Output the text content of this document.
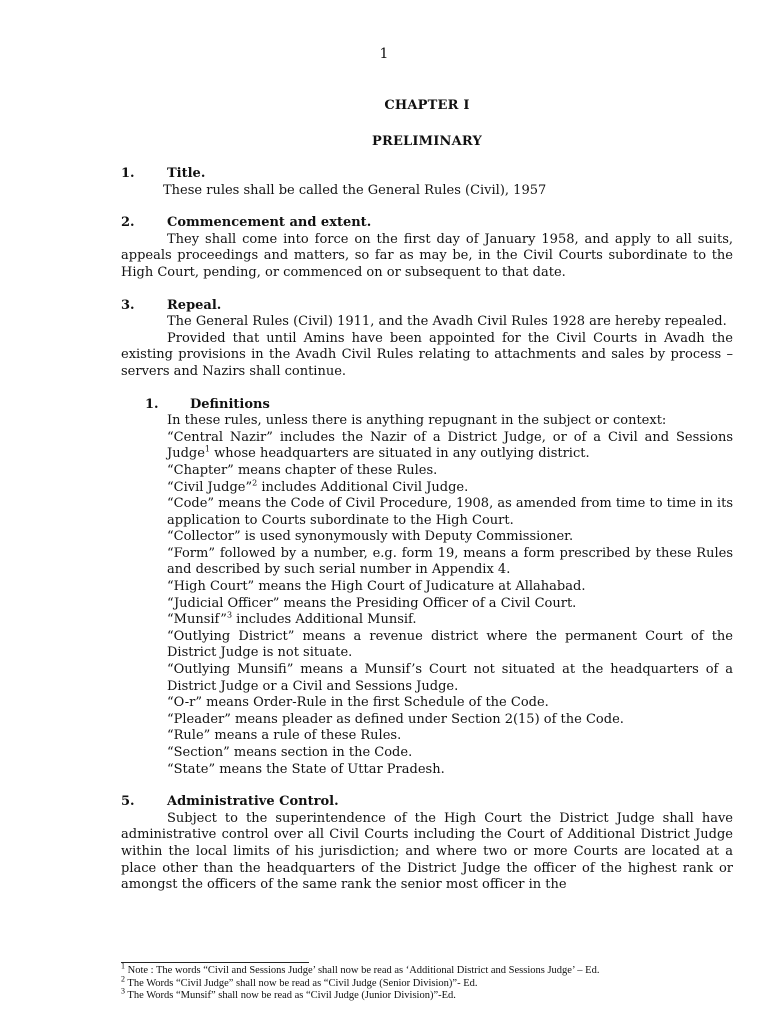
1
CHAPTER I
PRELIMINARY
1.	Title.

These rules shall be called the General Rules (Civil), 1957

2.	Commencement and extent.

They shall come into force on the first day of January 1958, and apply to all suits, appeals proceedings and matters, so far as may be, in the Civil Courts subordinate to the High Court, pending, or commenced on or subsequent to that date.

3.	Repeal.

The General Rules (Civil) 1911, and the Avadh Civil Rules 1928 are hereby repealed.

Provided that until Amins have been appointed for the Civil Courts in Avadh the existing provisions in the Avadh Civil Rules relating to attachments and sales by process –servers and Nazirs shall continue.

1.	Definitions

In these rules, unless there is anything repugnant in the subject or context:

“Central Nazir” includes the Nazir of a District Judge, or of a Civil and Sessions Judge$^1$ whose headquarters are situated in any outlying district.

“Chapter” means chapter of these Rules.

“Civil Judge”$^2$ includes Additional Civil Judge.

“Code” means the Code of Civil Procedure, 1908, as amended from time to time in its application to Courts subordinate to the High Court.

“Collector” is used synonymously with Deputy Commissioner.

“Form” followed by a number, e.g. form 19, means a form prescribed by these Rules and described by such serial number in Appendix 4.

“High Court” means the High Court of Judicature at Allahabad.

“Judicial Officer” means the Presiding Officer of a Civil Court.

“Munsif”$^3$ includes Additional Munsif.

“Outlying District” means a revenue district where the permanent Court of the District Judge is not situate.

“Outlying Munsifi” means a Munsif’s Court not situated at the headquarters of a District Judge or a Civil and Sessions Judge.

“O-r” means Order-Rule in the first Schedule of the Code.

“Pleader” means pleader as defined under Section 2(15) of the Code.

“Rule” means a rule of these Rules.

“Section” means section in the Code.

“State” means the State of Uttar Pradesh.

5.	Administrative Control.

Subject to the superintendence of the High Court the District Judge shall have administrative control over all Civil Courts including the Court of Additional District Judge within the local limits of his jurisdiction; and where two or more Courts are located at a place other than the headquarters of the District Judge the officer of the highest rank or amongst the officers of the same rank the senior most officer in the

$^1$ Note : The words “Civil and Sessions Judge’ shall now be read as ‘Additional District and Sessions Judge’ – Ed.

$^2$ The Words “Civil Judge” shall now be read as “Civil Judge (Senior Division)”- Ed.

$^3$ The Words “Munsif” shall now be read as “Civil Judge (Junior Division)”-Ed.
